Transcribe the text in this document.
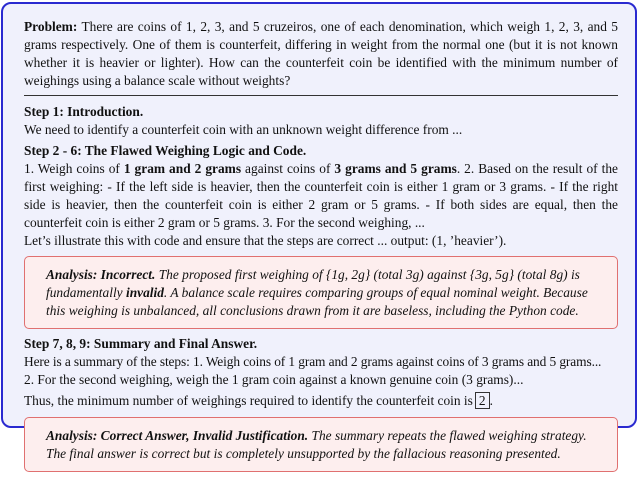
Problem: There are coins of 1, 2, 3, and 5 cruzeiros, one of each denomination, which weigh 1, 2, 3, and 5 grams respectively. One of them is counterfeit, differing in weight from the normal one (but it is not known whether it is heavier or lighter). How can the counterfeit coin be identified with the minimum number of weighings using a balance scale without weights?

Step 1: Introduction.

We need to identify a counterfeit coin with an unknown weight difference from ...

Step 2 - 6: The Flawed Weighing Logic and Code.

1. Weigh coins of 1 gram and 2 grams against coins of 3 grams and 5 grams. 2. Based on the result of the first weighing: - If the left side is heavier, then the counterfeit coin is either 1 gram or 3 grams. - If the right side is heavier, then the counterfeit coin is either 2 gram or 5 grams. - If both sides are equal, then the counterfeit coin is either 2 gram or 5 grams. 3. For the second weighing, ...

Let’s illustrate this with code and ensure that the steps are correct ... output: (1, ’heavier’).

Analysis: Incorrect. The proposed first weighing of {1g, 2g} (total 3g) against {3g, 5g} (total 8g) is fundamentally invalid. A balance scale requires comparing groups of equal nominal weight. Because this weighing is unbalanced, all conclusions drawn from it are baseless, including the Python code.

Step 7, 8, 9: Summary and Final Answer.

Here is a summary of the steps: 1. Weigh coins of 1 gram and 2 grams against coins of 3 grams and 5 grams...

2. For the second weighing, weigh the 1 gram coin against a known genuine coin (3 grams)...

Thus, the minimum number of weighings required to identify the counterfeit coin is 2 .

Analysis: Correct Answer, Invalid Justification. The summary repeats the flawed weighing strategy. The final answer is correct but is completely unsupported by the fallacious reasoning presented.
